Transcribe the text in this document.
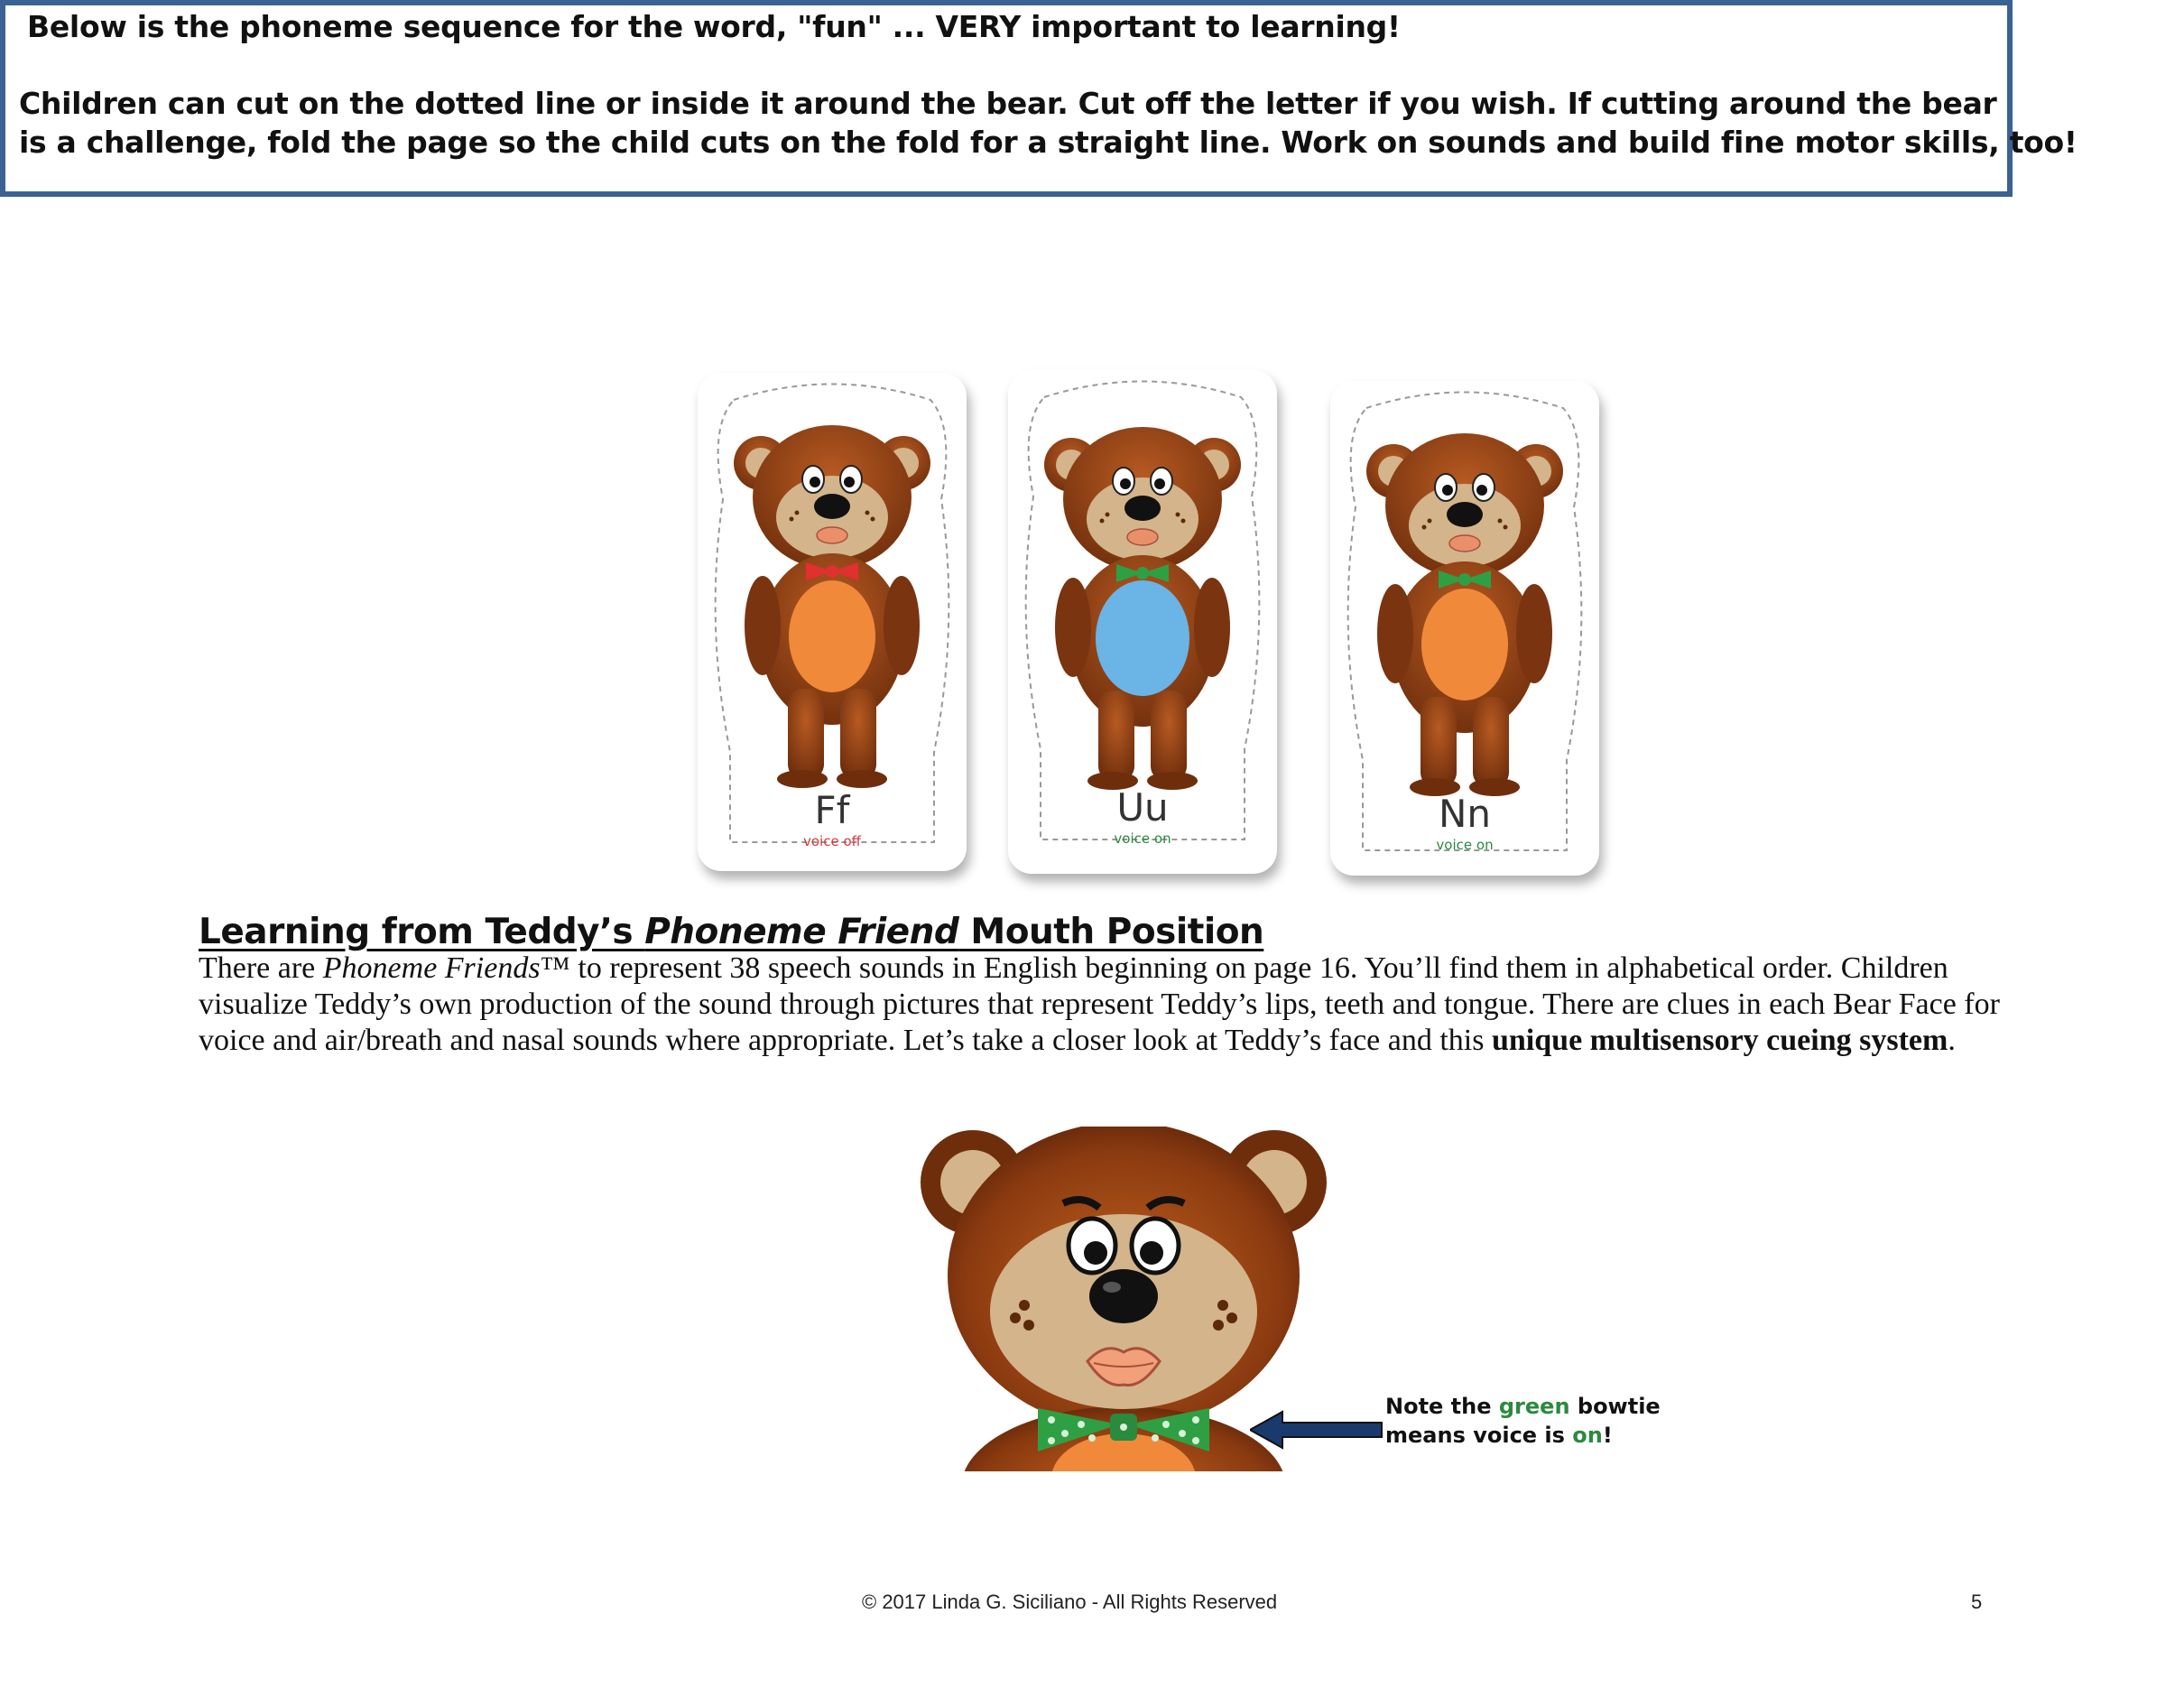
Below is the phoneme sequence for the word, "fun" ... VERY important to learning!
Children can cut on the dotted line or inside it around the bear. Cut off the letter if you wish. If cutting around the bear
is a challenge, fold the page so the child cuts on the fold for a straight line. Work on sounds and build fine motor skills, too!
Ff
voice off
Uu
voice on
Nn
voice on
Learning from Teddy’s Phoneme Friend Mouth Position
There are Phoneme Friends™ to represent 38 speech sounds in English beginning on page 16. You’ll find them in alphabetical order. Children visualize Teddy’s own production of the sound through pictures that represent Teddy’s lips, teeth and tongue. There are clues in each Bear Face for voice and air/breath and nasal sounds where appropriate. Let’s take a closer look at Teddy’s face and this unique multisensory cueing system.
Note the green bowtie
means voice is on!
© 2017 Linda G. Siciliano - All Rights Reserved	5
